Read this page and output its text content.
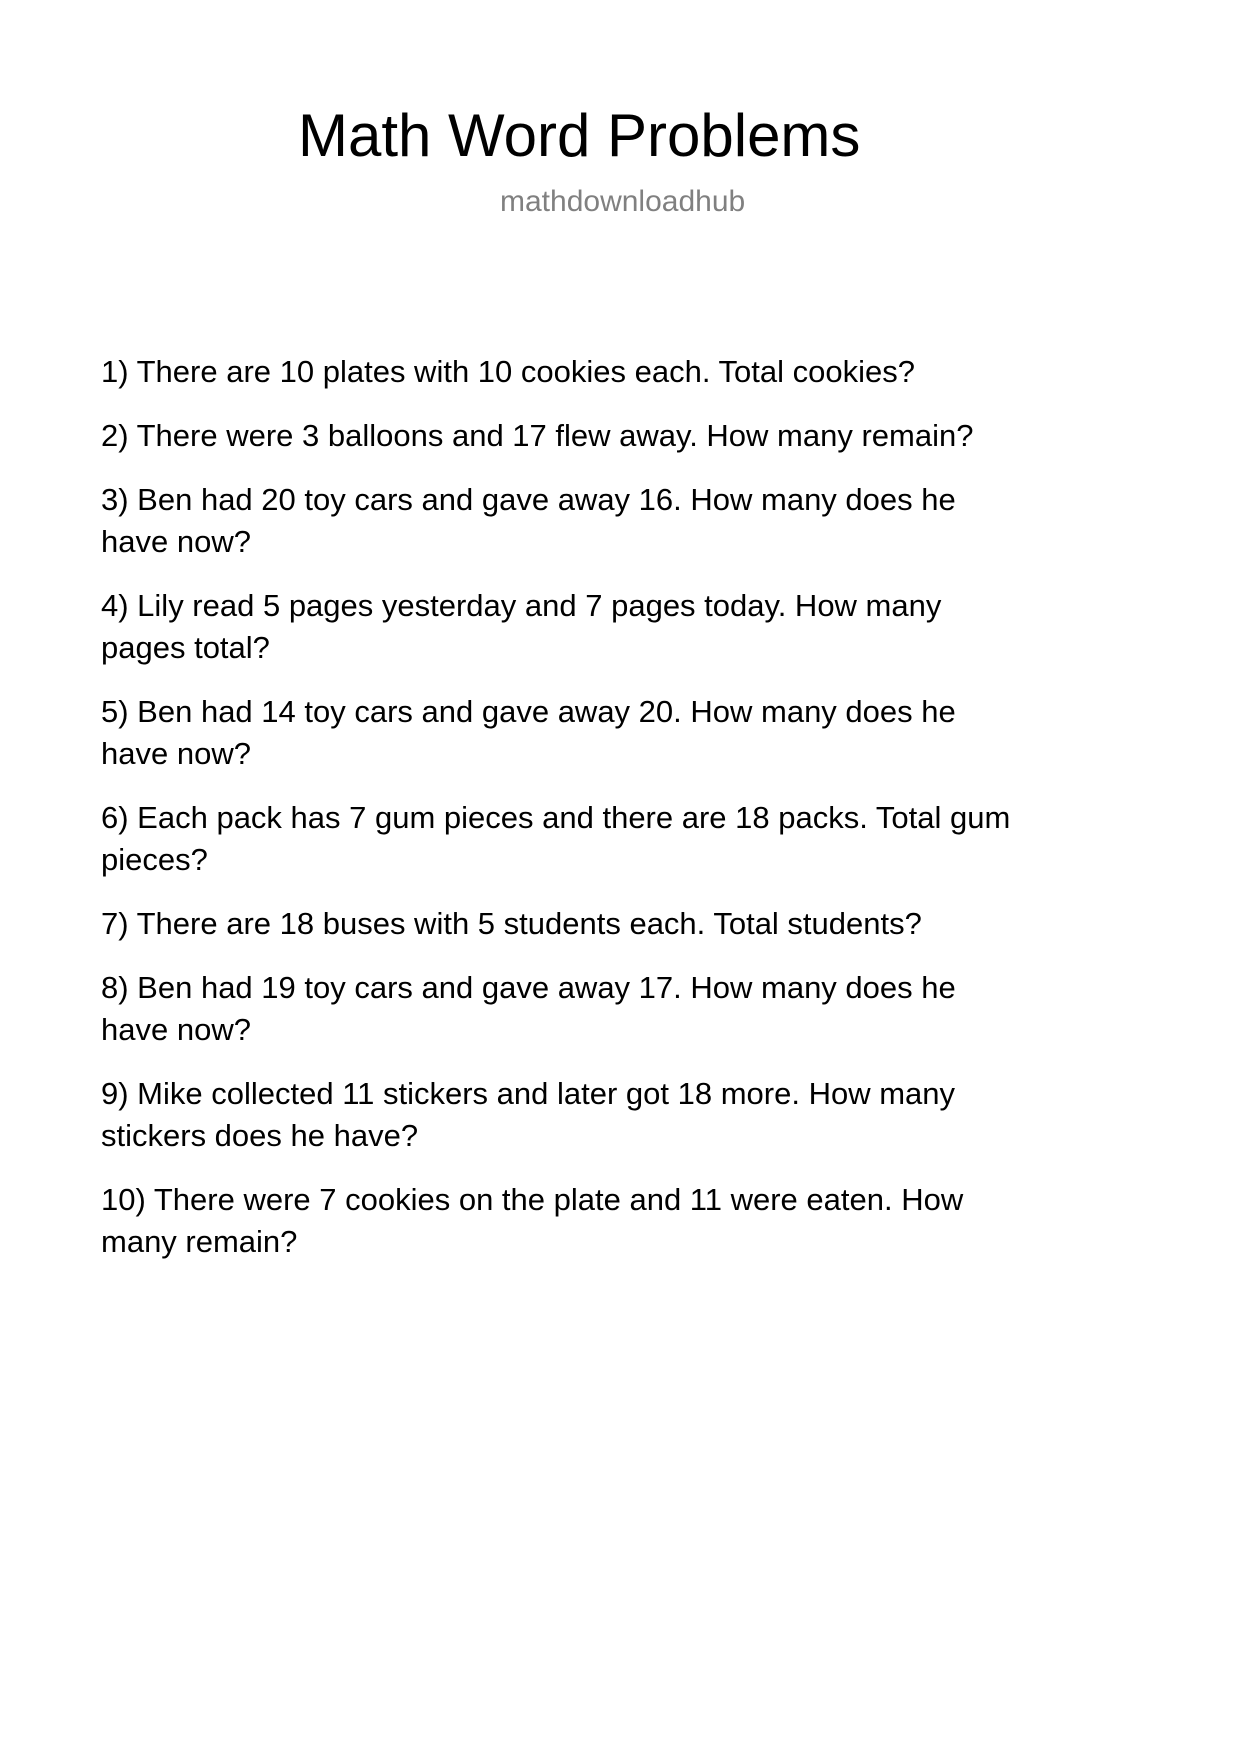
Math Word Problems
mathdownloadhub
1) There are 10 plates with 10 cookies each. Total cookies?
2) There were 3 balloons and 17 flew away. How many remain?
3) Ben had 20 toy cars and gave away 16. How many does he
have now?
4) Lily read 5 pages yesterday and 7 pages today. How many
pages total?
5) Ben had 14 toy cars and gave away 20. How many does he
have now?
6) Each pack has 7 gum pieces and there are 18 packs. Total gum
pieces?
7) There are 18 buses with 5 students each. Total students?
8) Ben had 19 toy cars and gave away 17. How many does he
have now?
9) Mike collected 11 stickers and later got 18 more. How many
stickers does he have?
10) There were 7 cookies on the plate and 11 were eaten. How
many remain?
